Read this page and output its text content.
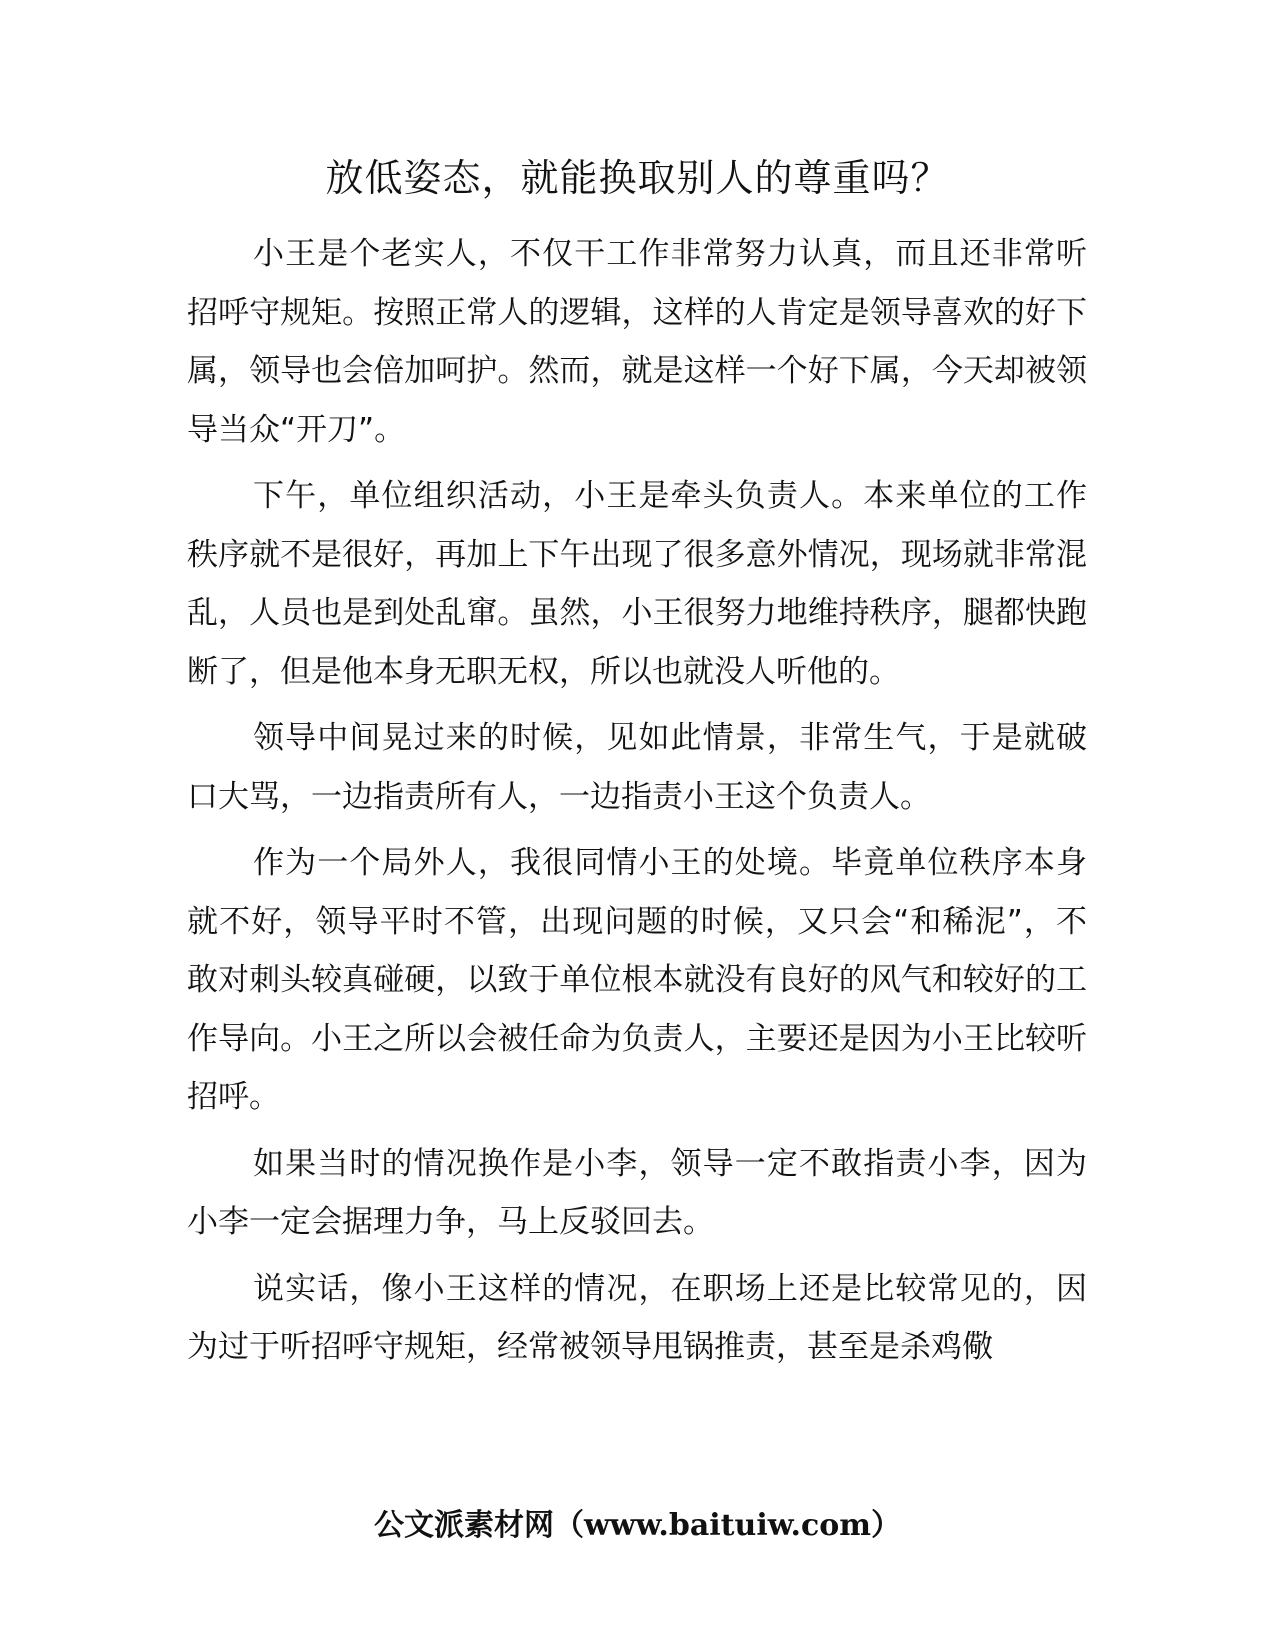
放低姿态，就能换取别人的尊重吗？

小王是个老实人，不仅干工作非常努力认真，而且还非常听招呼守规矩。按照正常人的逻辑，这样的人肯定是领导喜欢的好下属，领导也会倍加呵护。然而，就是这样一个好下属，今天却被领导当众“开刀”。

下午，单位组织活动，小王是牵头负责人。本来单位的工作秩序就不是很好，再加上下午出现了很多意外情况，现场就非常混乱，人员也是到处乱窜。虽然，小王很努力地维持秩序，腿都快跑断了，但是他本身无职无权，所以也就没人听他的。

领导中间晃过来的时候，见如此情景，非常生气，于是就破口大骂，一边指责所有人，一边指责小王这个负责人。

作为一个局外人，我很同情小王的处境。毕竟单位秩序本身就不好，领导平时不管，出现问题的时候，又只会“和稀泥”，不敢对刺头较真碰硬，以致于单位根本就没有良好的风气和较好的工作导向。小王之所以会被任命为负责人，主要还是因为小王比较听招呼。

如果当时的情况换作是小李，领导一定不敢指责小李，因为小李一定会据理力争，马上反驳回去。

说实话，像小王这样的情况，在职场上还是比较常见的，因为过于听招呼守规矩，经常被领导甩锅推责，甚至是杀鸡儆

公文派素材网（www.baituiw.com）
